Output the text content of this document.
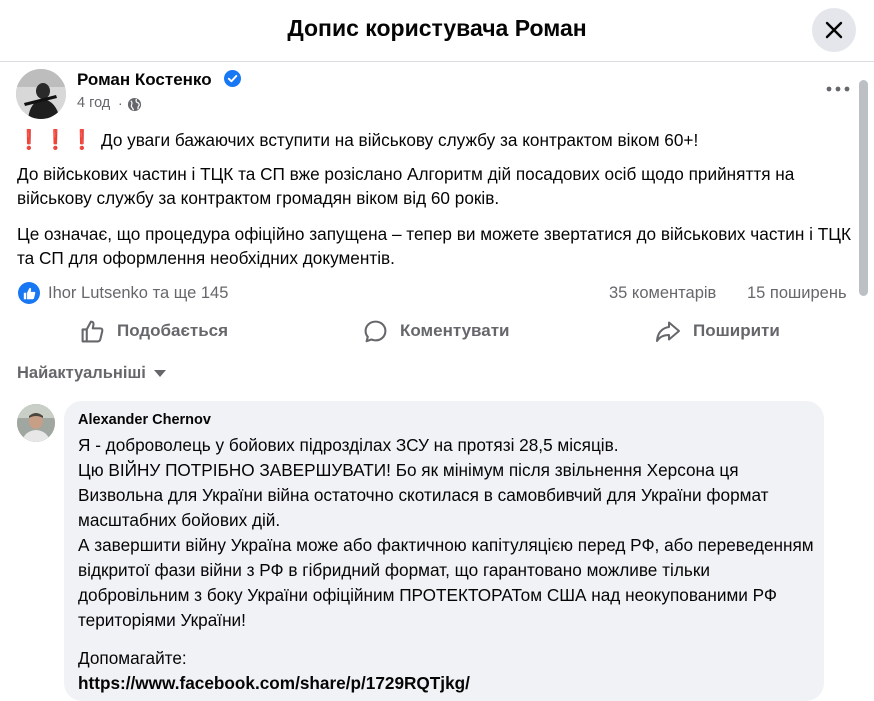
Допис користувача Роман
Роман Костенко
4 год ·
❗❗❗ До уваги бажаючих вступити на військову службу за контрактом віком 60+!
До військових частин і ТЦК та СП вже розіслано Алгоритм дій посадових осіб щодо прийняття на військову службу за контрактом громадян віком від 60 років.
Це означає, що процедура офіційно запущена – тепер ви можете звертатися до військових частин і ТЦК та СП для оформлення необхідних документів.
Ihor Lutsenko та ще 145	35 коментарів 15 поширень
Подобається	Коментувати	Поширити
Найактуальніші
Alexander Chernov
Я - доброволець у бойових підрозділах ЗСУ на протязі 28,5 місяців.
Цю ВІЙНУ ПОТРІБНО ЗАВЕРШУВАТИ! Бо як мінімум після звільнення Херсона ця Визвольна для України війна остаточно скотилася в самовбивчий для України формат масштабних бойових дій.
А завершити війну Україна може або фактичною капітуляцією перед РФ, або переведенням відкритої фази війни з РФ в гібридний формат, що гарантовано можливе тільки добровільним з боку України офіційним ПРОТЕКТОРАТом США над неокупованими РФ територіями України!
Допомагайте:
https://www.facebook.com/share/p/1729RQTjkg/
